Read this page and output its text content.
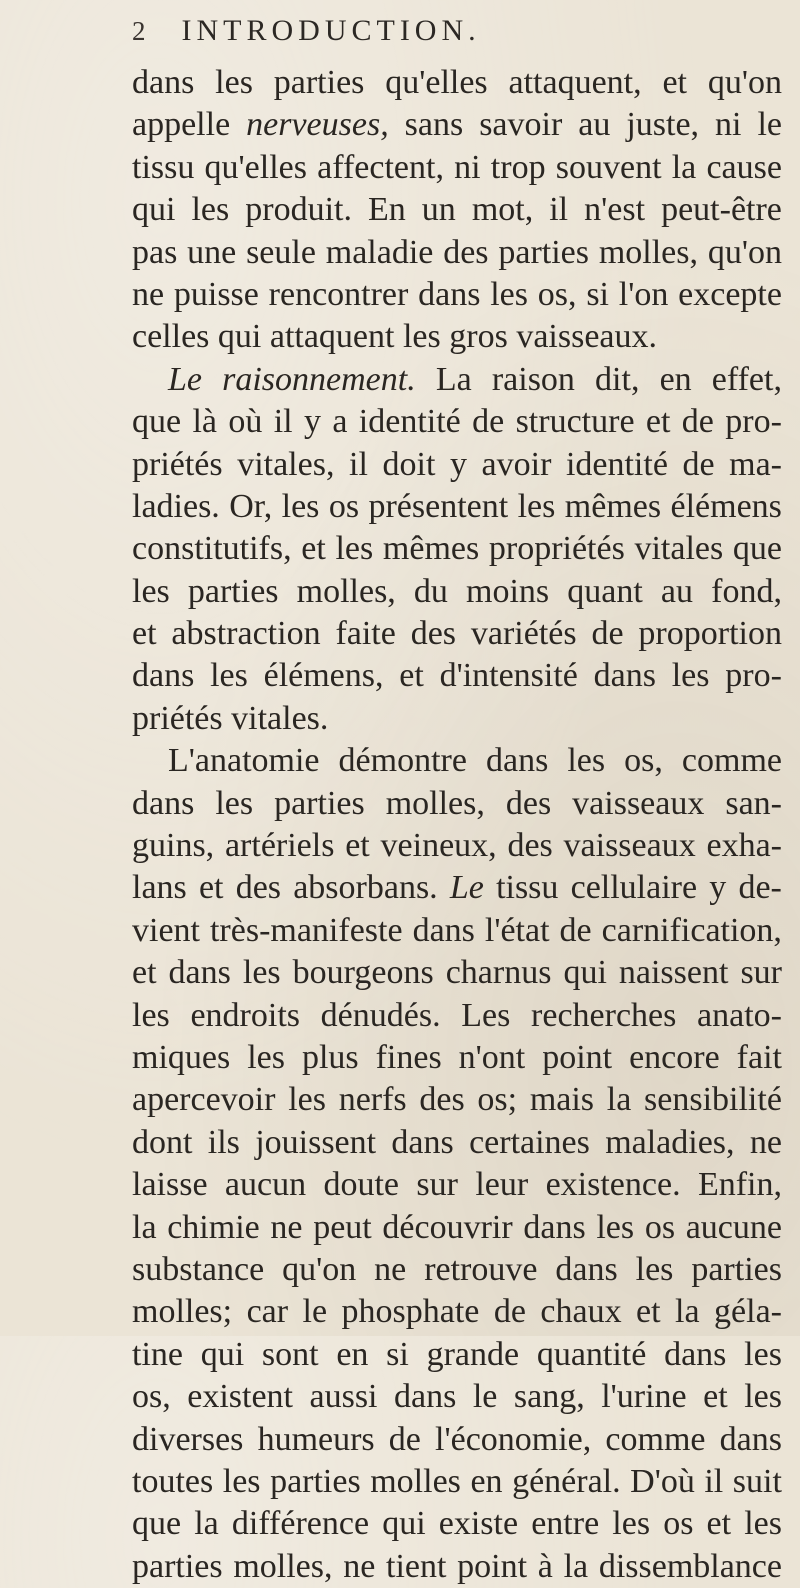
2 INTRODUCTION.
dans les parties qu'elles attaquent, et qu'on
appelle nerveuses, sans savoir au juste, ni le
tissu qu'elles affectent, ni trop souvent la cause
qui les produit. En un mot, il n'est peut-être
pas une seule maladie des parties molles, qu'on
ne puisse rencontrer dans les os, si l'on excepte
celles qui attaquent les gros vaisseaux.
Le raisonnement. La raison dit, en effet,
que là où il y a identité de structure et de pro-
priétés vitales, il doit y avoir identité de ma-
ladies. Or, les os présentent les mêmes élémens
constitutifs, et les mêmes propriétés vitales que
les parties molles, du moins quant au fond,
et abstraction faite des variétés de proportion
dans les élémens, et d'intensité dans les pro-
priétés vitales.
L'anatomie démontre dans les os, comme
dans les parties molles, des vaisseaux san-
guins, artériels et veineux, des vaisseaux exha-
lans et des absorbans. Le tissu cellulaire y de-
vient très-manifeste dans l'état de carnification,
et dans les bourgeons charnus qui naissent sur
les endroits dénudés. Les recherches anato-
miques les plus fines n'ont point encore fait
apercevoir les nerfs des os; mais la sensibilité
dont ils jouissent dans certaines maladies, ne
laisse aucun doute sur leur existence. Enfin,
la chimie ne peut découvrir dans les os aucune
substance qu'on ne retrouve dans les parties
molles; car le phosphate de chaux et la géla-
tine qui sont en si grande quantité dans les
os, existent aussi dans le sang, l'urine et les
diverses humeurs de l'économie, comme dans
toutes les parties molles en général. D'où il suit
que la différence qui existe entre les os et les
parties molles, ne tient point à la dissemblance
